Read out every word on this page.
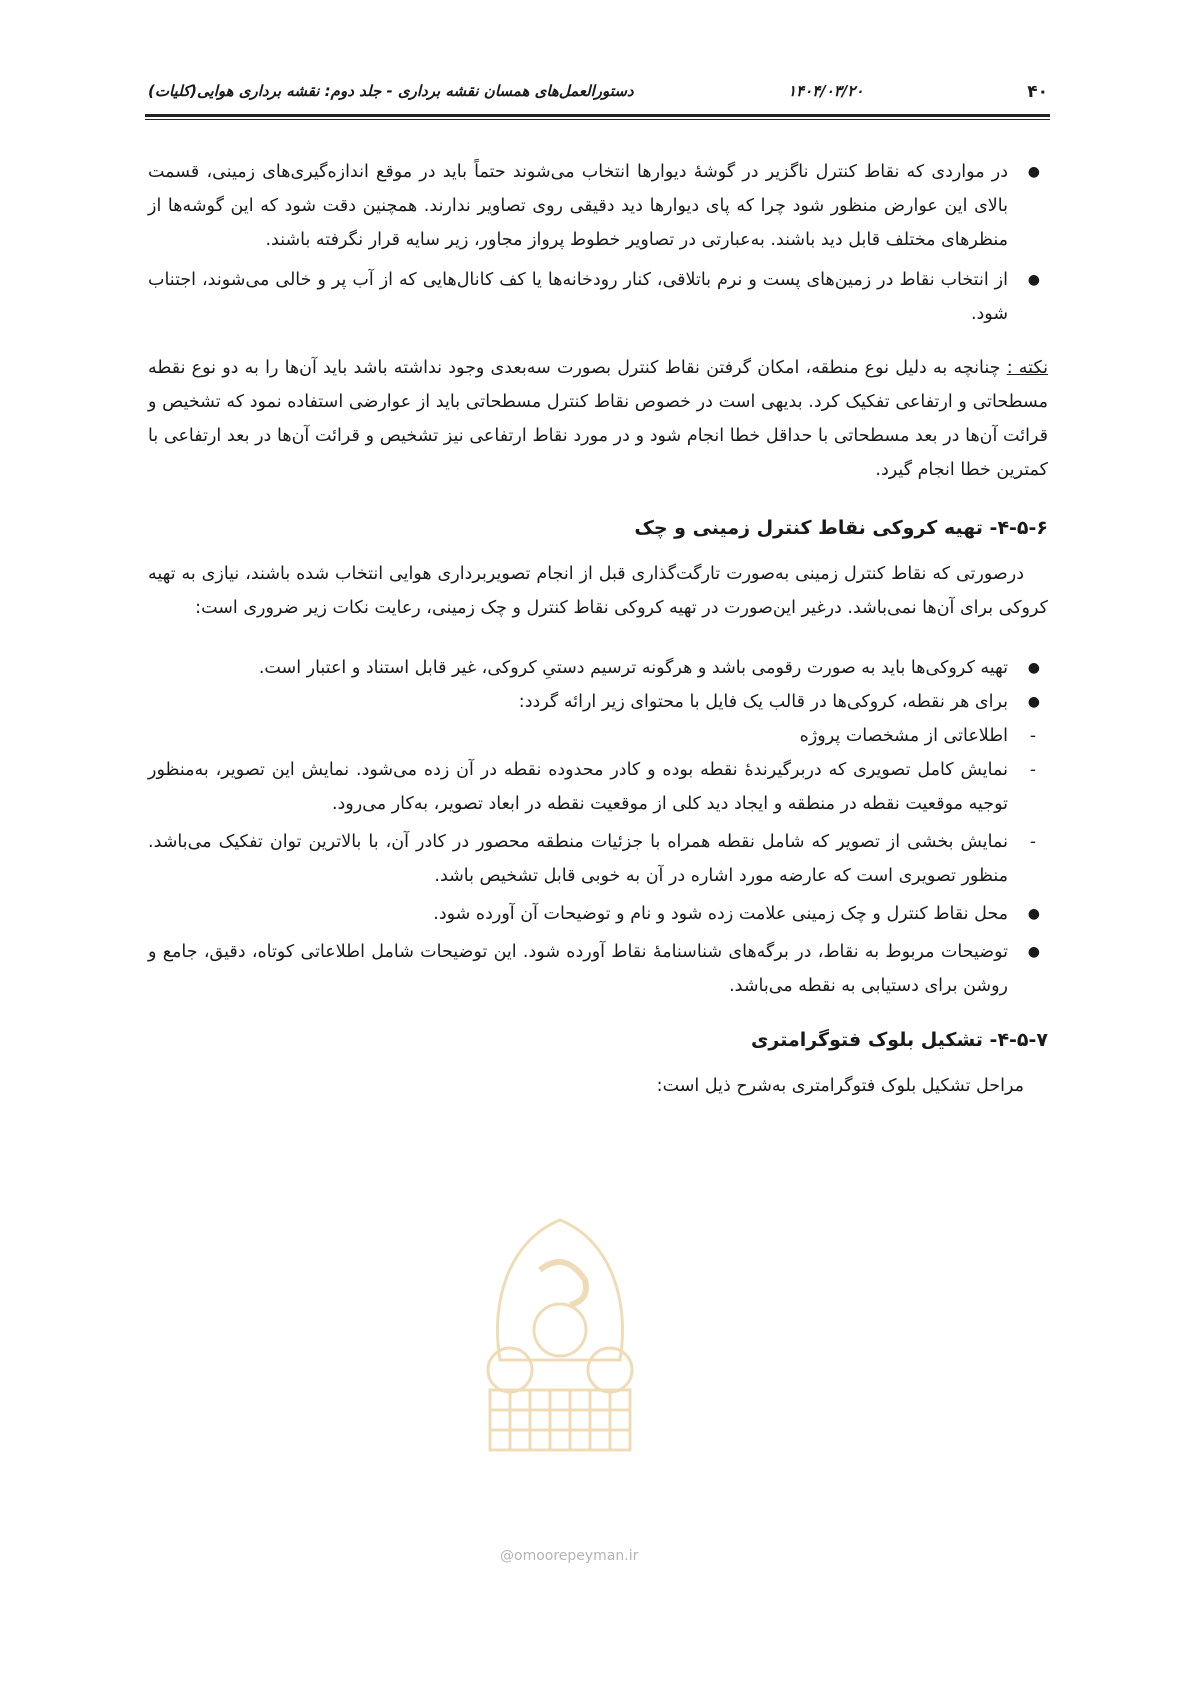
۴۰
۱۴۰۴/۰۳/۲۰
دستورالعمل‌های همسان نقشه برداری - جلد دوم: نقشه برداری هوایی(کلیات)
●
در مواردی که نقاط کنترل ناگزیر در گوشهٔ دیوارها انتخاب می‌شوند حتماً باید در موقع اندازه‌گیری‌های زمینی، قسمت بالای این عوارض منظور شود چرا که پای دیوارها دید دقیقی روی تصاویر ندارند. همچنین دقت شود که این گوشه‌ها از منظرهای مختلف قابل دید باشند. به‌عبارتی در تصاویر خطوط پرواز مجاور، زیر سایه قرار نگرفته باشند.
●
از انتخاب نقاط در زمین‌های پست و نرم باتلاقی، کنار رودخانه‌ها یا کف کانال‌هایی که از آب پر و خالی می‌شوند، اجتناب شود.

نکته : چنانچه به دلیل نوع منطقه، امکان گرفتن نقاط کنترل بصورت سه‌بعدی وجود نداشته باشد باید آن‌ها را به دو نوع نقطه مسطحاتی و ارتفاعی تفکیک کرد. بدیهی است در خصوص نقاط کنترل مسطحاتی باید از عوارضی استفاده نمود که تشخیص و قرائت آن‌ها در بعد مسطحاتی با حداقل خطا انجام شود و در مورد نقاط ارتفاعی نیز تشخیص و قرائت آن‌ها در بعد ارتفاعی با کمترین خطا انجام گیرد.

۴-۵-۶- تهیه کروکی نقاط کنترل زمینی و چک

درصورتی که نقاط کنترل زمینی به‌صورت تارگت‌گذاری قبل از انجام تصویربرداری هوایی انتخاب شده باشند، نیازی به تهیه کروکی برای آن‌ها نمی‌باشد. درغیر این‌صورت در تهیه کروکی نقاط کنترل و چک زمینی، رعایت نکات زیر ضروری است:

●
تهیه کروکی‌ها باید به صورت رقومی باشد و هرگونه ترسیم دستیِ کروکی، غیر قابل استناد و اعتبار است.
●
برای هر نقطه، کروکی‌ها در قالب یک فایل با محتوای زیر ارائه گردد:
-
اطلاعاتی از مشخصات پروژه
-
نمایش کامل تصویری که دربرگیرندهٔ نقطه بوده و کادر محدوده نقطه در آن زده می‌شود. نمایش این تصویر، به‌منظور توجیه موقعیت نقطه در منطقه و ایجاد دید کلی از موقعیت نقطه در ابعاد تصویر، به‌کار می‌رود.
-
نمایش بخشی از تصویر که شامل نقطه همراه با جزئیات منطقه محصور در کادر آن، با بالاترین توان تفکیک می‌باشد. منظور تصویری است که عارضه مورد اشاره در آن به خوبی قابل تشخیص باشد.
●
محل نقاط کنترل و چک زمینی علامت زده شود و نام و توضیحات آن آورده شود.
●
توضیحات مربوط به نقاط، در برگه‌های شناسنامهٔ نقاط آورده شود. این توضیحات شامل اطلاعاتی کوتاه، دقیق، جامع و روشن برای دستیابی به نقطه می‌باشد.
۴-۵-۷- تشکیل بلوک فتوگرامتری

مراحل تشکیل بلوک فتوگرامتری به‌شرح ذیل است:

@omoorepeyman.ir
